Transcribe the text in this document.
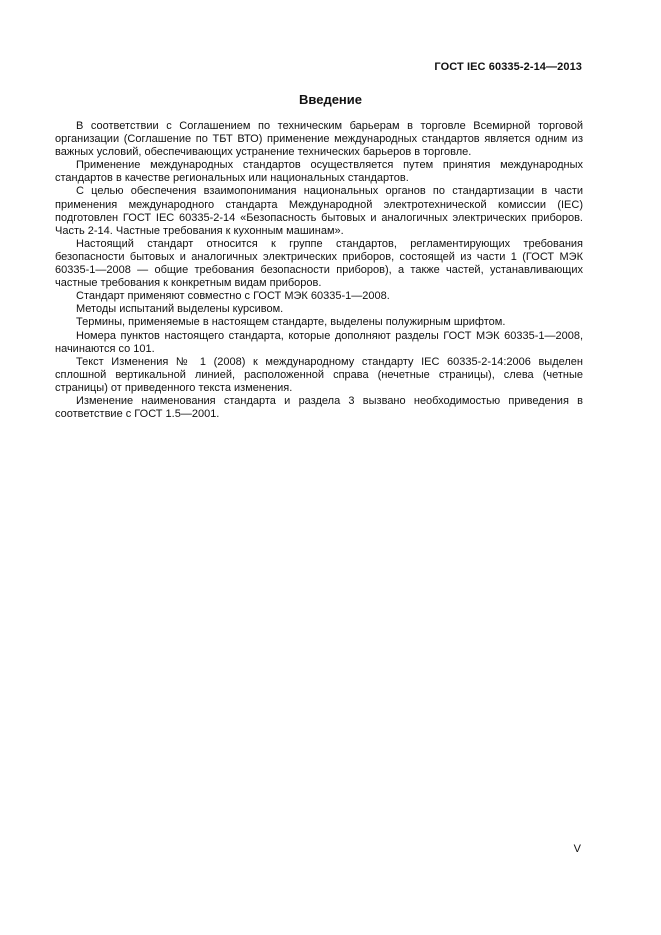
ГОСТ IEC 60335-2-14—2013
Введение

В соответствии с Соглашением по техническим барьерам в торговле Всемирной торговой организации (Соглашение по ТБТ ВТО) применение международных стандартов является одним из важных условий, обеспечивающих устранение технических барьеров в торговле.

Применение международных стандартов осуществляется путем принятия международных стандартов в качестве региональных или национальных стандартов.

С целью обеспечения взаимопонимания национальных органов по стандартизации в части применения международного стандарта Международной электротехнической комиссии (IEC) подготовлен ГОСТ IEC 60335-2-14 «Безопасность бытовых и аналогичных электрических приборов. Часть 2-14. Частные требования к кухонным машинам».

Настоящий стандарт относится к группе стандартов, регламентирующих требования безопасности бытовых и аналогичных электрических приборов, состоящей из части 1 (ГОСТ МЭК 60335-1—2008 — общие требования безопасности приборов), а также частей, устанавливающих частные требования к конкретным видам приборов.

Стандарт применяют совместно с ГОСТ МЭК 60335-1—2008.

Методы испытаний выделены курсивом.

Термины, применяемые в настоящем стандарте, выделены полужирным шрифтом.

Номера пунктов настоящего стандарта, которые дополняют разделы ГОСТ МЭК 60335-1—2008, начинаются со 101.

Текст Изменения № 1 (2008) к международному стандарту IEC 60335-2-14:2006 выделен сплошной вертикальной линией, расположенной справа (нечетные страницы), слева (четные страницы) от приведенного текста изменения.

Изменение наименования стандарта и раздела 3 вызвано необходимостью приведения в соответствие с ГОСТ 1.5—2001.

V
